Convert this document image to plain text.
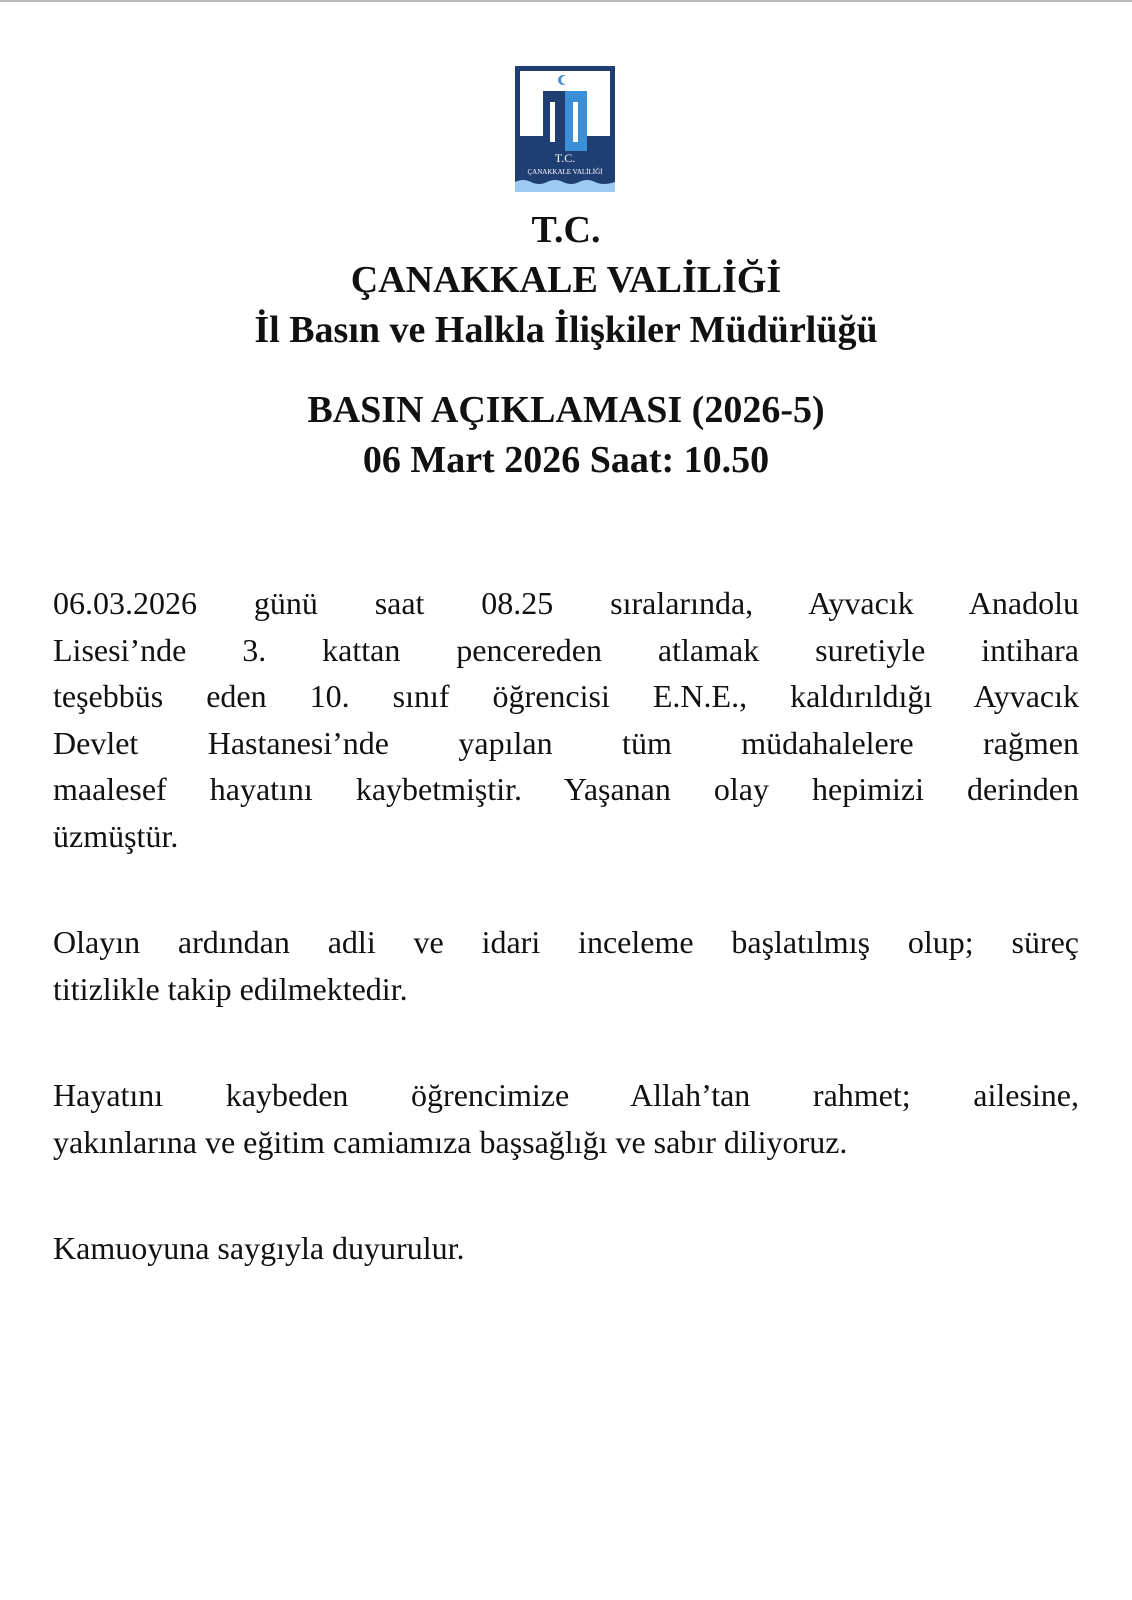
T.C.
ÇANAKKALE VALİLİĞİ
T.C.
ÇANAKKALE VALİLİĞİ
İl Basın ve Halkla İlişkiler Müdürlüğü
BASIN AÇIKLAMASI (2026-5)
06 Mart 2026 Saat: 10.50
06.03.2026 günü saat 08.25 sıralarında, Ayvacık Anadolu
Lisesi’nde 3. kattan pencereden atlamak suretiyle intihara
teşebbüs eden 10. sınıf öğrencisi E.N.E., kaldırıldığı Ayvacık
Devlet Hastanesi’nde yapılan tüm müdahalelere rağmen
maalesef hayatını kaybetmiştir. Yaşanan olay hepimizi derinden
üzmüştür.
Olayın ardından adli ve idari inceleme başlatılmış olup; süreç
titizlikle takip edilmektedir.
Hayatını kaybeden öğrencimize Allah’tan rahmet; ailesine,
yakınlarına ve eğitim camiamıza başsağlığı ve sabır diliyoruz.
Kamuoyuna saygıyla duyurulur.
